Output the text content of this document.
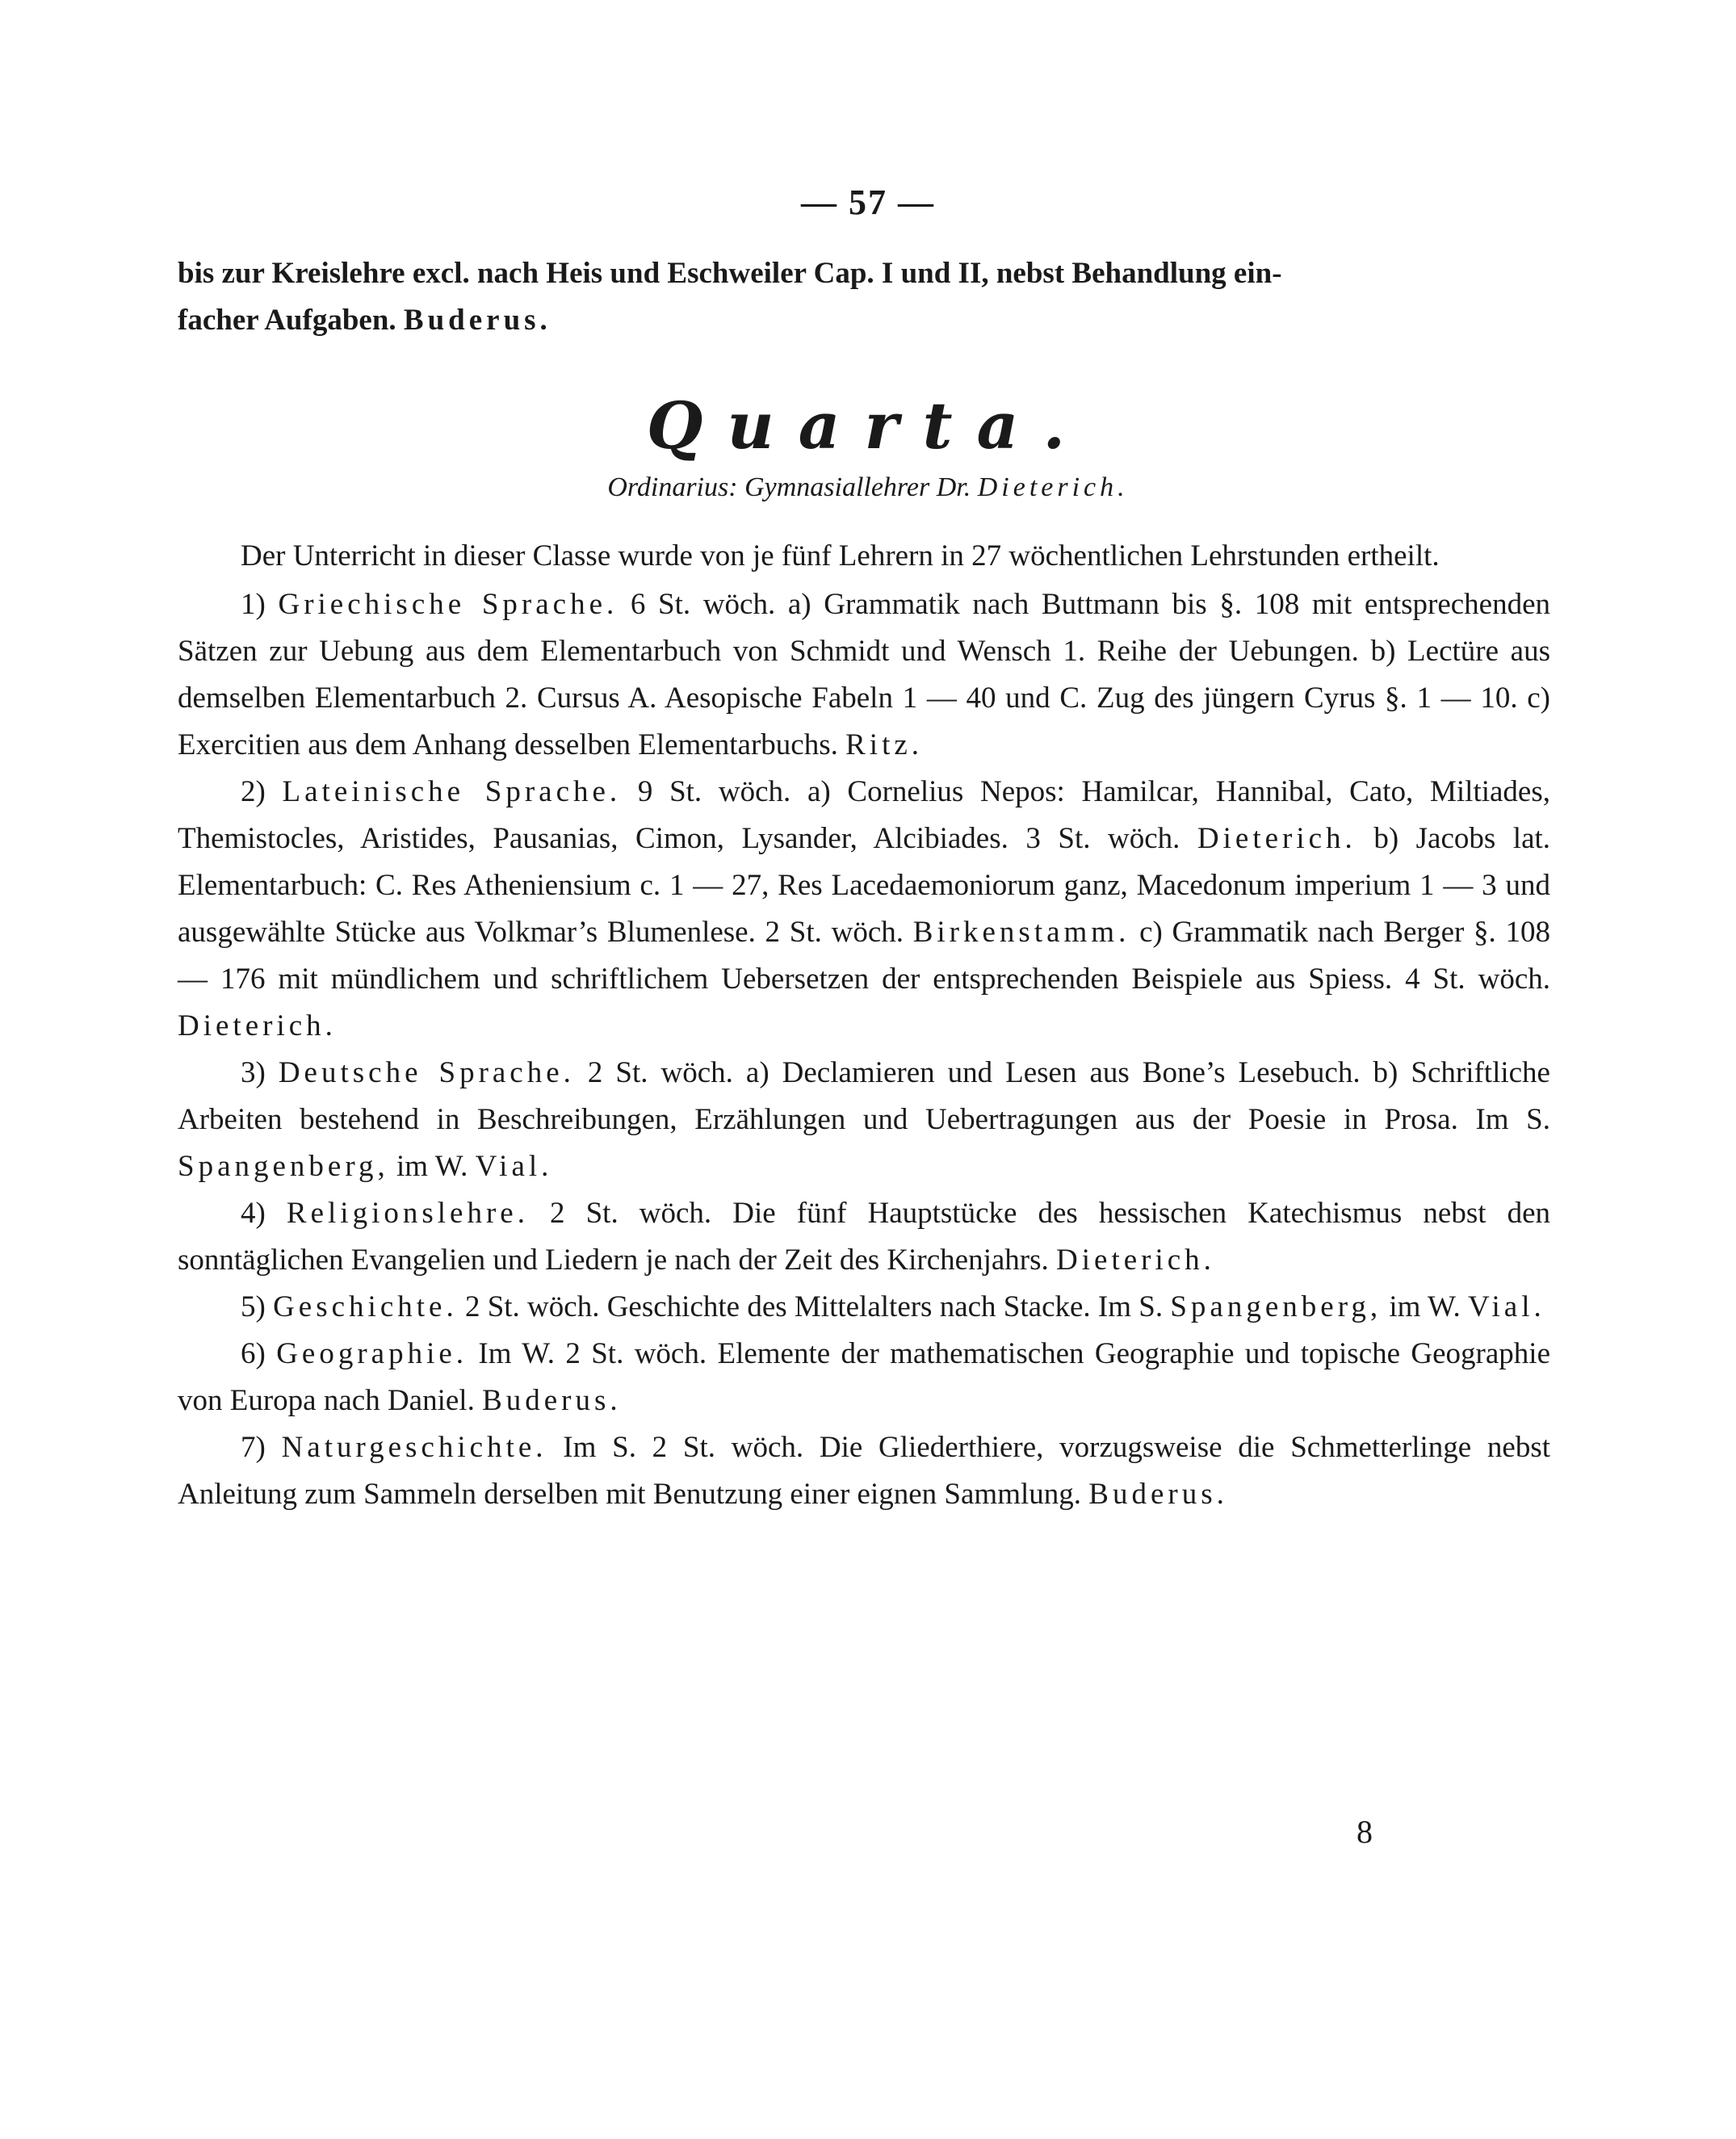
— 57 —

bis zur Kreislehre excl. nach Heis und Eschweiler Cap. I und II, nebst Behandlung ein-

facher Aufgaben. Buderus.

Quarta.
Ordinarius: Gymnasiallehrer Dr. Dieterich.

Der Unterricht in dieser Classe wurde von je fünf Lehrern in 27 wöchentlichen Lehrstunden ertheilt.

1) Griechische Sprache. 6 St. wöch. a) Grammatik nach Buttmann bis §. 108 mit entsprechenden Sätzen zur Uebung aus dem Elementarbuch von Schmidt und Wensch 1. Reihe der Uebungen. b) Lectüre aus demselben Elementarbuch 2. Cursus A. Aesopische Fabeln 1 — 40 und C. Zug des jüngern Cyrus §. 1 — 10. c) Exercitien aus dem Anhang desselben Elementarbuchs. Ritz.

2) Lateinische Sprache. 9 St. wöch. a) Cornelius Nepos: Hamilcar, Hannibal, Cato, Miltiades, Themistocles, Aristides, Pausanias, Cimon, Lysander, Alcibiades. 3 St. wöch. Dieterich. b) Jacobs lat. Elementarbuch: C. Res Atheniensium c. 1 — 27, Res Lacedaemoniorum ganz, Macedonum imperium 1 — 3 und ausgewählte Stücke aus Volkmar’s Blumenlese. 2 St. wöch. Birkenstamm. c) Grammatik nach Berger §. 108 — 176 mit mündlichem und schriftlichem Uebersetzen der entsprechenden Beispiele aus Spiess. 4 St. wöch. Dieterich.

3) Deutsche Sprache. 2 St. wöch. a) Declamieren und Lesen aus Bone’s Lesebuch. b) Schriftliche Arbeiten bestehend in Beschreibungen, Erzählungen und Uebertragungen aus der Poesie in Prosa. Im S. Spangenberg, im W. Vial.

4) Religionslehre. 2 St. wöch. Die fünf Hauptstücke des hessischen Katechismus nebst den sonntäglichen Evangelien und Liedern je nach der Zeit des Kirchenjahrs. Dieterich.

5) Geschichte. 2 St. wöch. Geschichte des Mittelalters nach Stacke. Im S. Spangenberg, im W. Vial.

6) Geographie. Im W. 2 St. wöch. Elemente der mathematischen Geographie und topische Geographie von Europa nach Daniel. Buderus.

7) Naturgeschichte. Im S. 2 St. wöch. Die Gliederthiere, vorzugsweise die Schmetterlinge nebst Anleitung zum Sammeln derselben mit Benutzung einer eignen Sammlung. Buderus.

8
